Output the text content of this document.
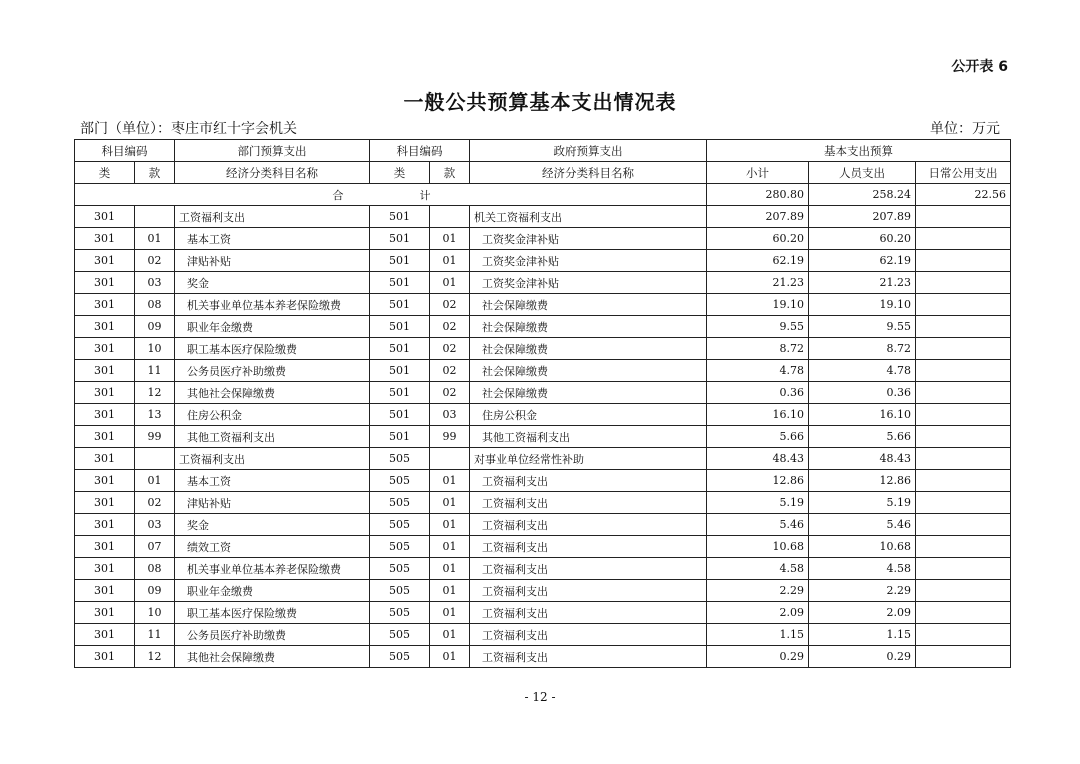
公开表 6
一般公共预算基本支出情况表
部门（单位）：枣庄市红十字会机关	单位：万元
科目编码		部门预算支出	科目编码		政府预算支出	基本支出预算		
类	款	经济分类科目名称	类	款	经济分类科目名称	小计	人员支出	日常公用支出
合　　计						280.80	258.24	22.56
301		工资福利支出	501		机关工资福利支出	207.89	207.89	
301	01	基本工资	501	01	工资奖金津补贴	60.20	60.20	
301	02	津贴补贴	501	01	工资奖金津补贴	62.19	62.19	
301	03	奖金	501	01	工资奖金津补贴	21.23	21.23	
301	08	机关事业单位基本养老保险缴费	501	02	社会保障缴费	19.10	19.10	
301	09	职业年金缴费	501	02	社会保障缴费	9.55	9.55	
301	10	职工基本医疗保险缴费	501	02	社会保障缴费	8.72	8.72	
301	11	公务员医疗补助缴费	501	02	社会保障缴费	4.78	4.78	
301	12	其他社会保障缴费	501	02	社会保障缴费	0.36	0.36	
301	13	住房公积金	501	03	住房公积金	16.10	16.10	
301	99	其他工资福利支出	501	99	其他工资福利支出	5.66	5.66	
301		工资福利支出	505		对事业单位经常性补助	48.43	48.43	
301	01	基本工资	505	01	工资福利支出	12.86	12.86	
301	02	津贴补贴	505	01	工资福利支出	5.19	5.19	
301	03	奖金	505	01	工资福利支出	5.46	5.46	
301	07	绩效工资	505	01	工资福利支出	10.68	10.68	
301	08	机关事业单位基本养老保险缴费	505	01	工资福利支出	4.58	4.58	
301	09	职业年金缴费	505	01	工资福利支出	2.29	2.29	
301	10	职工基本医疗保险缴费	505	01	工资福利支出	2.09	2.09	
301	11	公务员医疗补助缴费	505	01	工资福利支出	1.15	1.15	
301	12	其他社会保障缴费	505	01	工资福利支出	0.29	0.29	
- 12 -
